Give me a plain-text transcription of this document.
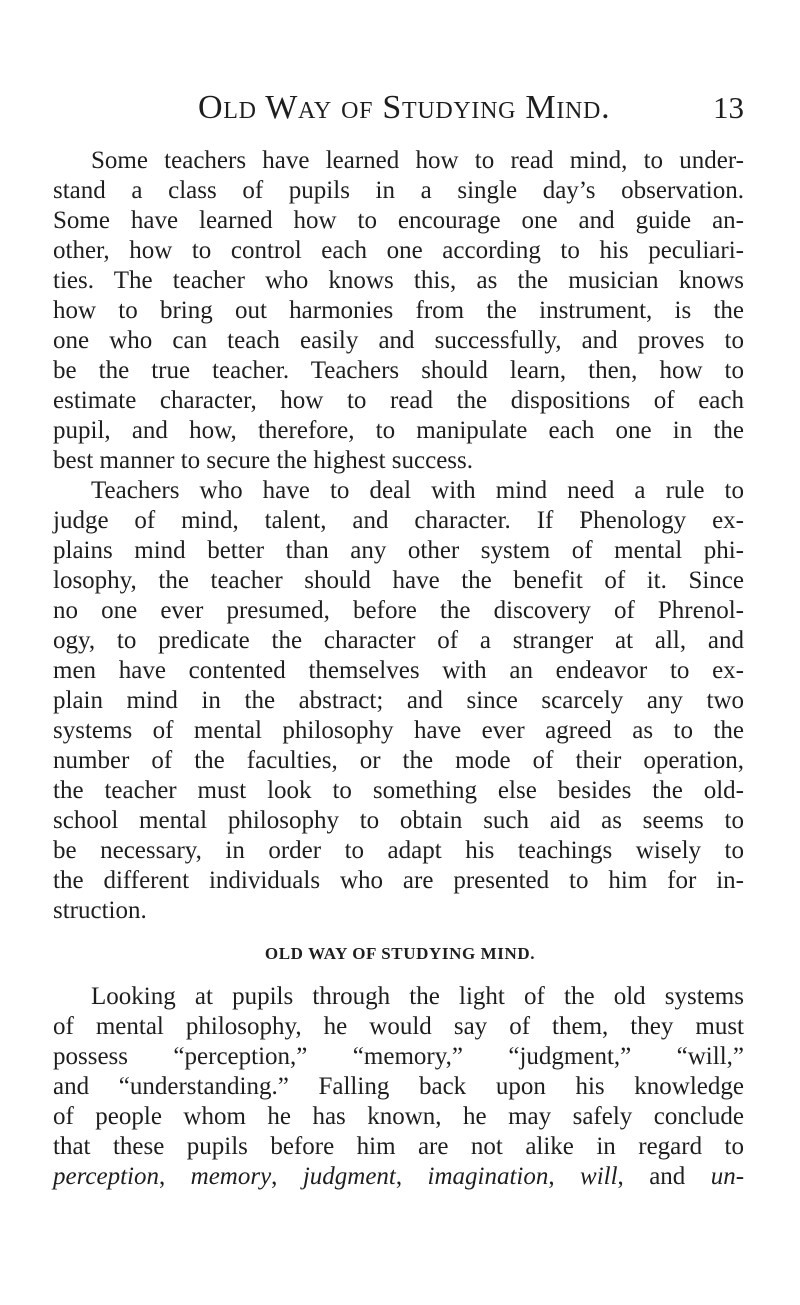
Old Way of Studying Mind.	13
Some teachers have learned how to read mind, to under-
stand a class of pupils in a single day’s observation.
Some have learned how to encourage one and guide an-
other, how to control each one according to his peculiari-
ties. The teacher who knows this, as the musician knows
how to bring out harmonies from the instrument, is the
one who can teach easily and successfully, and proves to
be the true teacher. Teachers should learn, then, how to
estimate character, how to read the dispositions of each
pupil, and how, therefore, to manipulate each one in the
best manner to secure the highest success.
Teachers who have to deal with mind need a rule to
judge of mind, talent, and character. If Phenology ex-
plains mind better than any other system of mental phi-
losophy, the teacher should have the benefit of it. Since
no one ever presumed, before the discovery of Phrenol-
ogy, to predicate the character of a stranger at all, and
men have contented themselves with an endeavor to ex-
plain mind in the abstract; and since scarcely any two
systems of mental philosophy have ever agreed as to the
number of the faculties, or the mode of their operation,
the teacher must look to something else besides the old-
school mental philosophy to obtain such aid as seems to
be necessary, in order to adapt his teachings wisely to
the different individuals who are presented to him for in-
struction.
OLD WAY OF STUDYING MIND.
Looking at pupils through the light of the old systems
of mental philosophy, he would say of them, they must
possess “perception,” “memory,” “judgment,” “will,”
and “understanding.” Falling back upon his knowledge
of people whom he has known, he may safely conclude
that these pupils before him are not alike in regard to
perception, memory, judgment, imagination, will, and un-
